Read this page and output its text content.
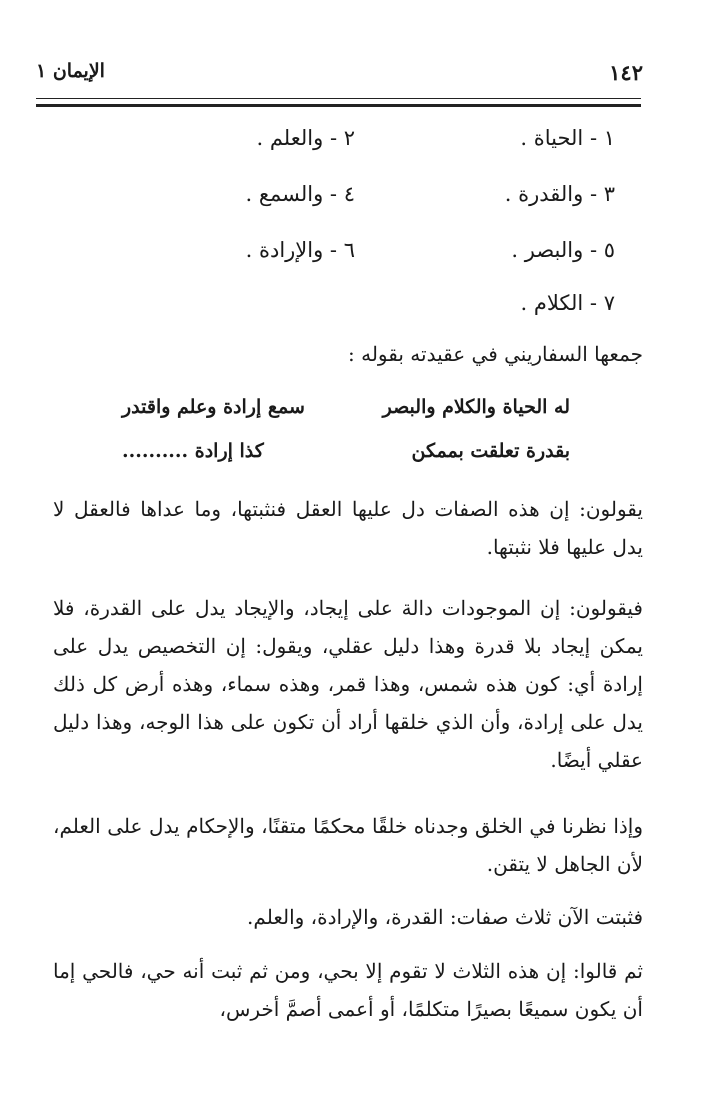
١٤٢
الإيمان ١
١ - الحياة .
٢ - والعلم .
٣ - والقدرة .
٤ - والسمع .
٥ - والبصر .
٦ - والإرادة .
٧ - الكلام .
جمعها السفاريني في عقيدته بقوله :
له الحياة والكلام والبصر
سمع إرادة وعلم واقتدر
بقدرة تعلقت بممكن
كذا إرادة ..........
يقولون: إن هذه الصفات دل عليها العقل فنثبتها، وما عداها فالعقل لا يدل عليها فلا نثبتها.
فيقولون: إن الموجودات دالة على إيجاد، والإيجاد يدل على القدرة، فلا يمكن إيجاد بلا قدرة وهذا دليل عقلي، ويقول: إن التخصيص يدل على إرادة أي: كون هذه شمس، وهذا قمر، وهذه سماء، وهذه أرض كل ذلك يدل على إرادة، وأن الذي خلقها أراد أن تكون على هذا الوجه، وهذا دليل عقلي أيضًا.
وإذا نظرنا في الخلق وجدناه خلقًا محكمًا متقنًا، والإحكام يدل على العلم، لأن الجاهل لا يتقن.
فثبتت الآن ثلاث صفات: القدرة، والإرادة، والعلم.
ثم قالوا: إن هذه الثلاث لا تقوم إلا بحي، ومن ثم ثبت أنه حي، فالحي إما أن يكون سميعًا بصيرًا متكلمًا، أو أعمى أصمَّ أخرس،
